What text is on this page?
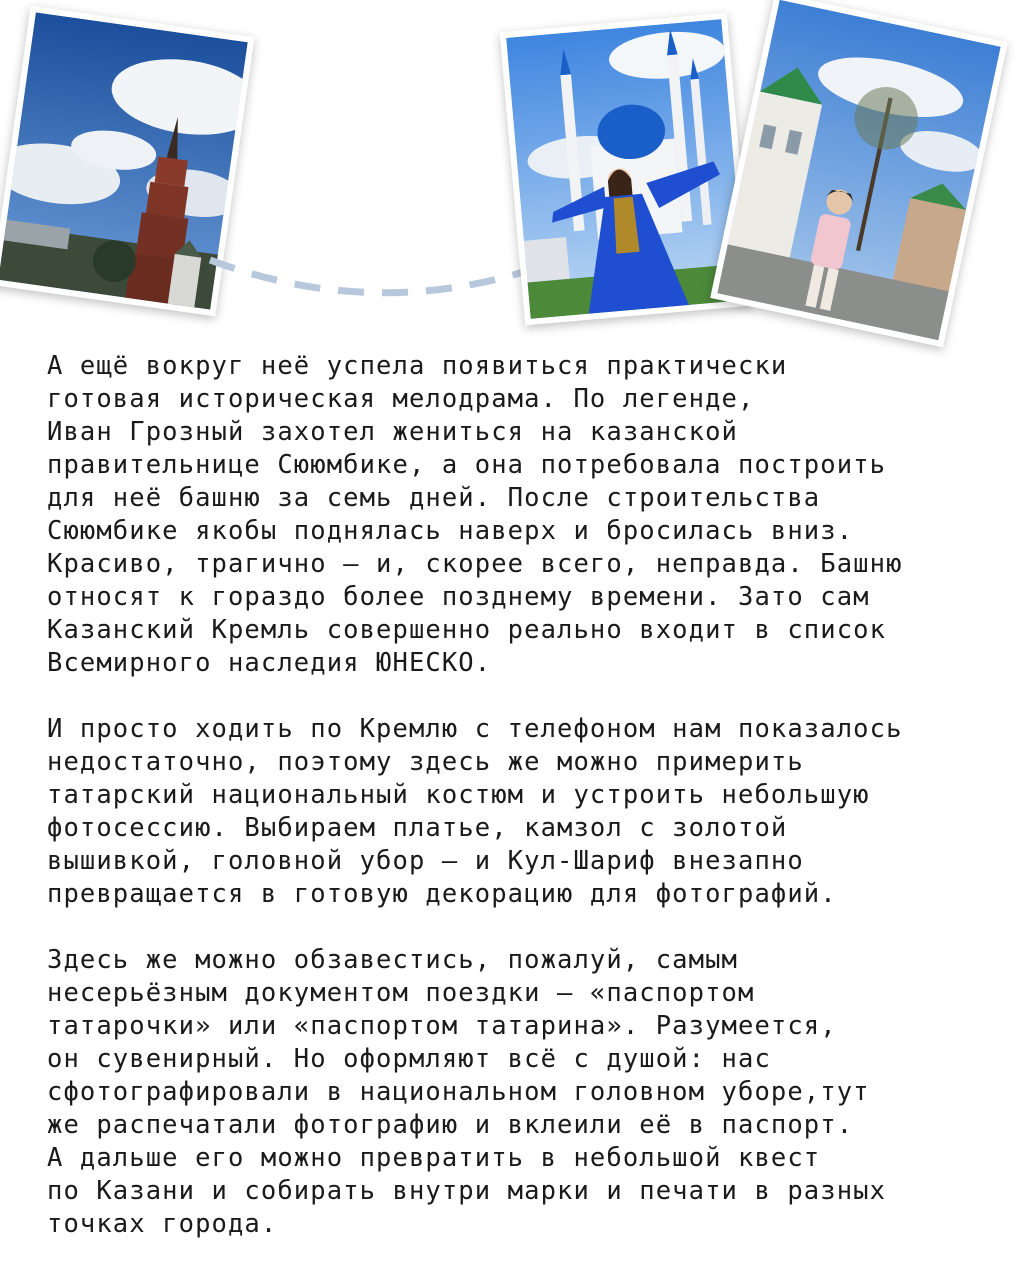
А ещё вокруг неё успела появиться практически
готовая историческая мелодрама. По легенде,
Иван Грозный захотел жениться на казанской
правительнице Сююмбике, а она потребовала построить
для неё башню за семь дней. После строительства
Сююмбике якобы поднялась наверх и бросилась вниз.
Красиво, трагично — и, скорее всего, неправда. Башню
относят к гораздо более позднему времени. Зато сам
Казанский Кремль совершенно реально входит в список
Всемирного наследия ЮНЕСКО.

И просто ходить по Кремлю с телефоном нам показалось
недостаточно, поэтому здесь же можно примерить
татарский национальный костюм и устроить небольшую
фотосессию. Выбираем платье, камзол с золотой
вышивкой, головной убор — и Кул-Шариф внезапно
превращается в готовую декорацию для фотографий.

Здесь же можно обзавестись, пожалуй, самым
несерьёзным документом поездки — «паспортом
татарочки» или «паспортом татарина». Разумеется,
он сувенирный. Но оформляют всё с душой: нас
сфотографировали в национальном головном уборе,тут
же распечатали фотографию и вклеили её в паспорт.
А дальше его можно превратить в небольшой квест
по Казани и собирать внутри марки и печати в разных
точках города.
